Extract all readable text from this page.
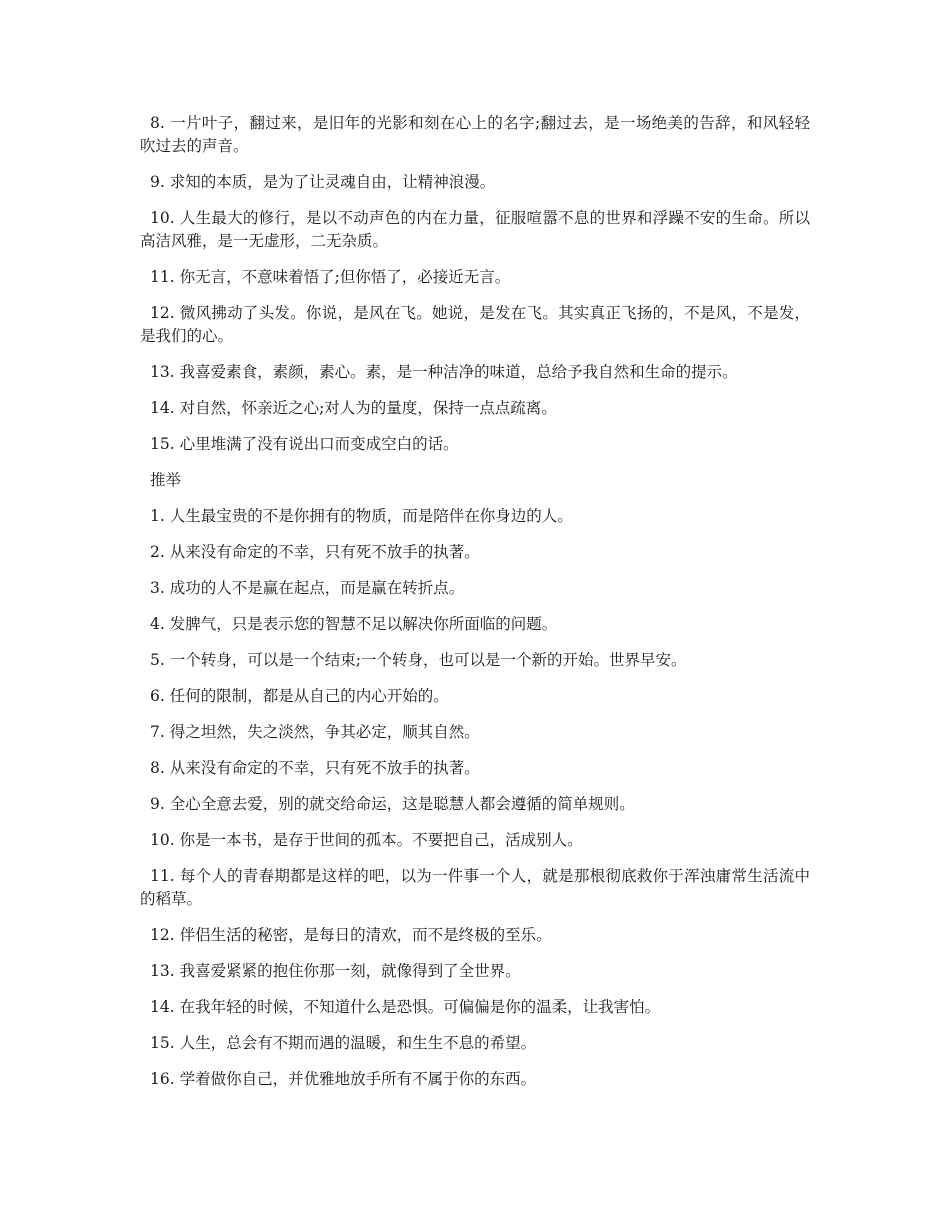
8. 一片叶子，翻过来，是旧年的光影和刻在心上的名字;翻过去，是一场绝美的告辞，和风轻轻吹过去的声音。

9. 求知的本质，是为了让灵魂自由，让精神浪漫。

10. 人生最大的修行，是以不动声色的内在力量，征服喧嚣不息的世界和浮躁不安的生命。所以高洁风雅，是一无虚形，二无杂质。

11. 你无言，不意味着悟了;但你悟了，必接近无言。

12. 微风拂动了头发。你说，是风在飞。她说，是发在飞。其实真正飞扬的，不是风，不是发，是我们的心。

13. 我喜爱素食，素颜，素心。素，是一种洁净的味道，总给予我自然和生命的提示。

14. 对自然，怀亲近之心;对人为的量度，保持一点点疏离。

15. 心里堆满了没有说出口而变成空白的话。

推举

1. 人生最宝贵的不是你拥有的物质，而是陪伴在你身边的人。

2. 从来没有命定的不幸，只有死不放手的执著。

3. 成功的人不是赢在起点，而是赢在转折点。

4. 发脾气，只是表示您的智慧不足以解决你所面临的问题。

5. 一个转身，可以是一个结束;一个转身，也可以是一个新的开始。世界早安。

6. 任何的限制，都是从自己的内心开始的。

7. 得之坦然，失之淡然，争其必定，顺其自然。

8. 从来没有命定的不幸，只有死不放手的执著。

9. 全心全意去爱，别的就交给命运，这是聪慧人都会遵循的简单规则。

10. 你是一本书，是存于世间的孤本。不要把自己，活成别人。

11. 每个人的青春期都是这样的吧，以为一件事一个人，就是那根彻底救你于浑浊庸常生活流中的稻草。

12. 伴侣生活的秘密，是每日的清欢，而不是终极的至乐。

13. 我喜爱紧紧的抱住你那一刻，就像得到了全世界。

14. 在我年轻的时候，不知道什么是恐惧。可偏偏是你的温柔，让我害怕。

15. 人生，总会有不期而遇的温暖，和生生不息的希望。

16. 学着做你自己，并优雅地放手所有不属于你的东西。
